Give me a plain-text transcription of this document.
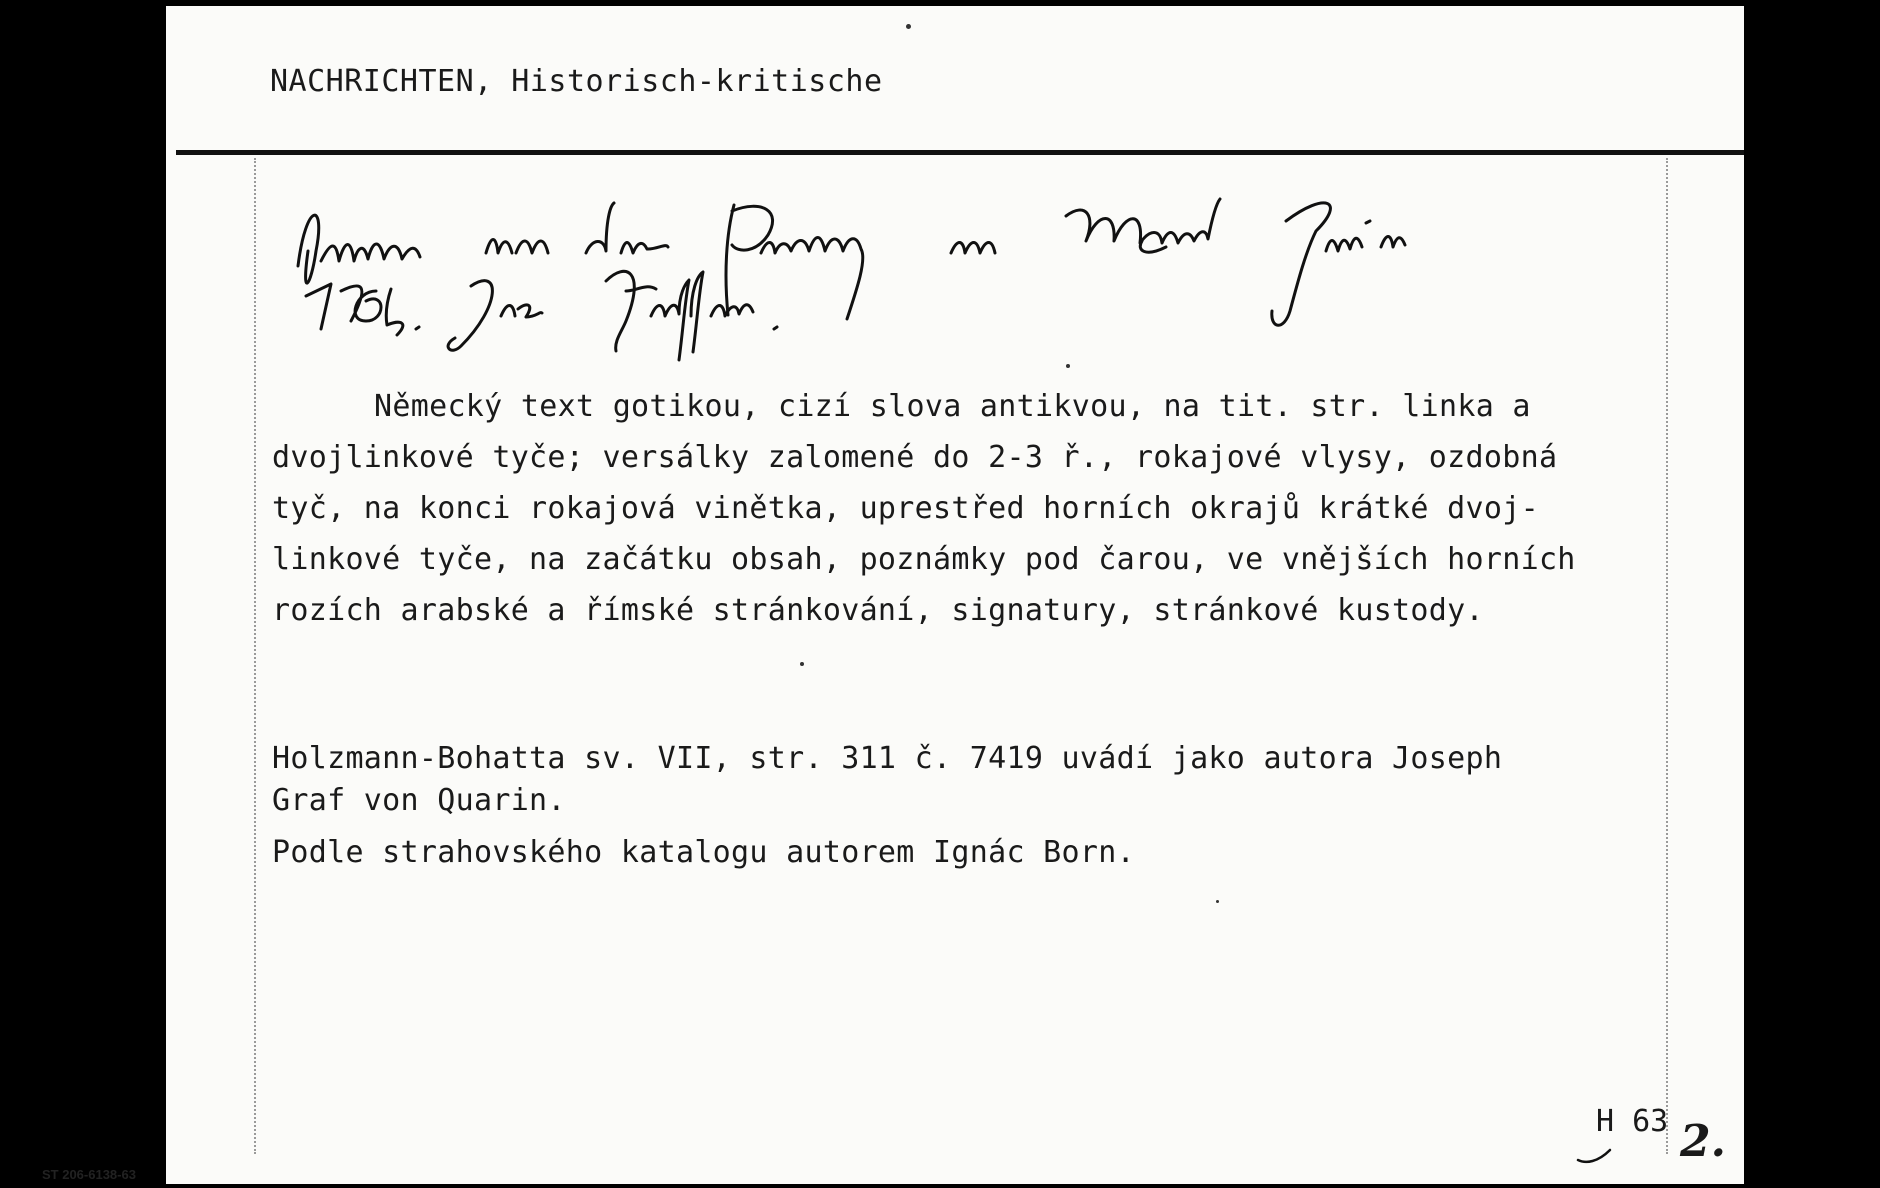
NACHRICHTEN, Historisch-kritische
Německý text gotikou, cizí slova antikvou, na tit. str. linka a
dvojlinkové tyče; versálky zalomené do 2-3 ř., rokajové vlysy, ozdobná
tyč, na konci rokajová vinětka, uprestřed horních okrajů krátké dvoj-
linkové tyče, na začátku obsah, poznámky pod čarou, ve vnějších horních
rozích arabské a římské stránkování, signatury, stránkové kustody.
Holzmann-Bohatta sv. VII, str. 311 č. 7419 uvádí jako autora Joseph
Graf von Quarin.
Podle strahovského katalogu autorem Ignác Born.
H 63 2.
ST 206-6138-63
